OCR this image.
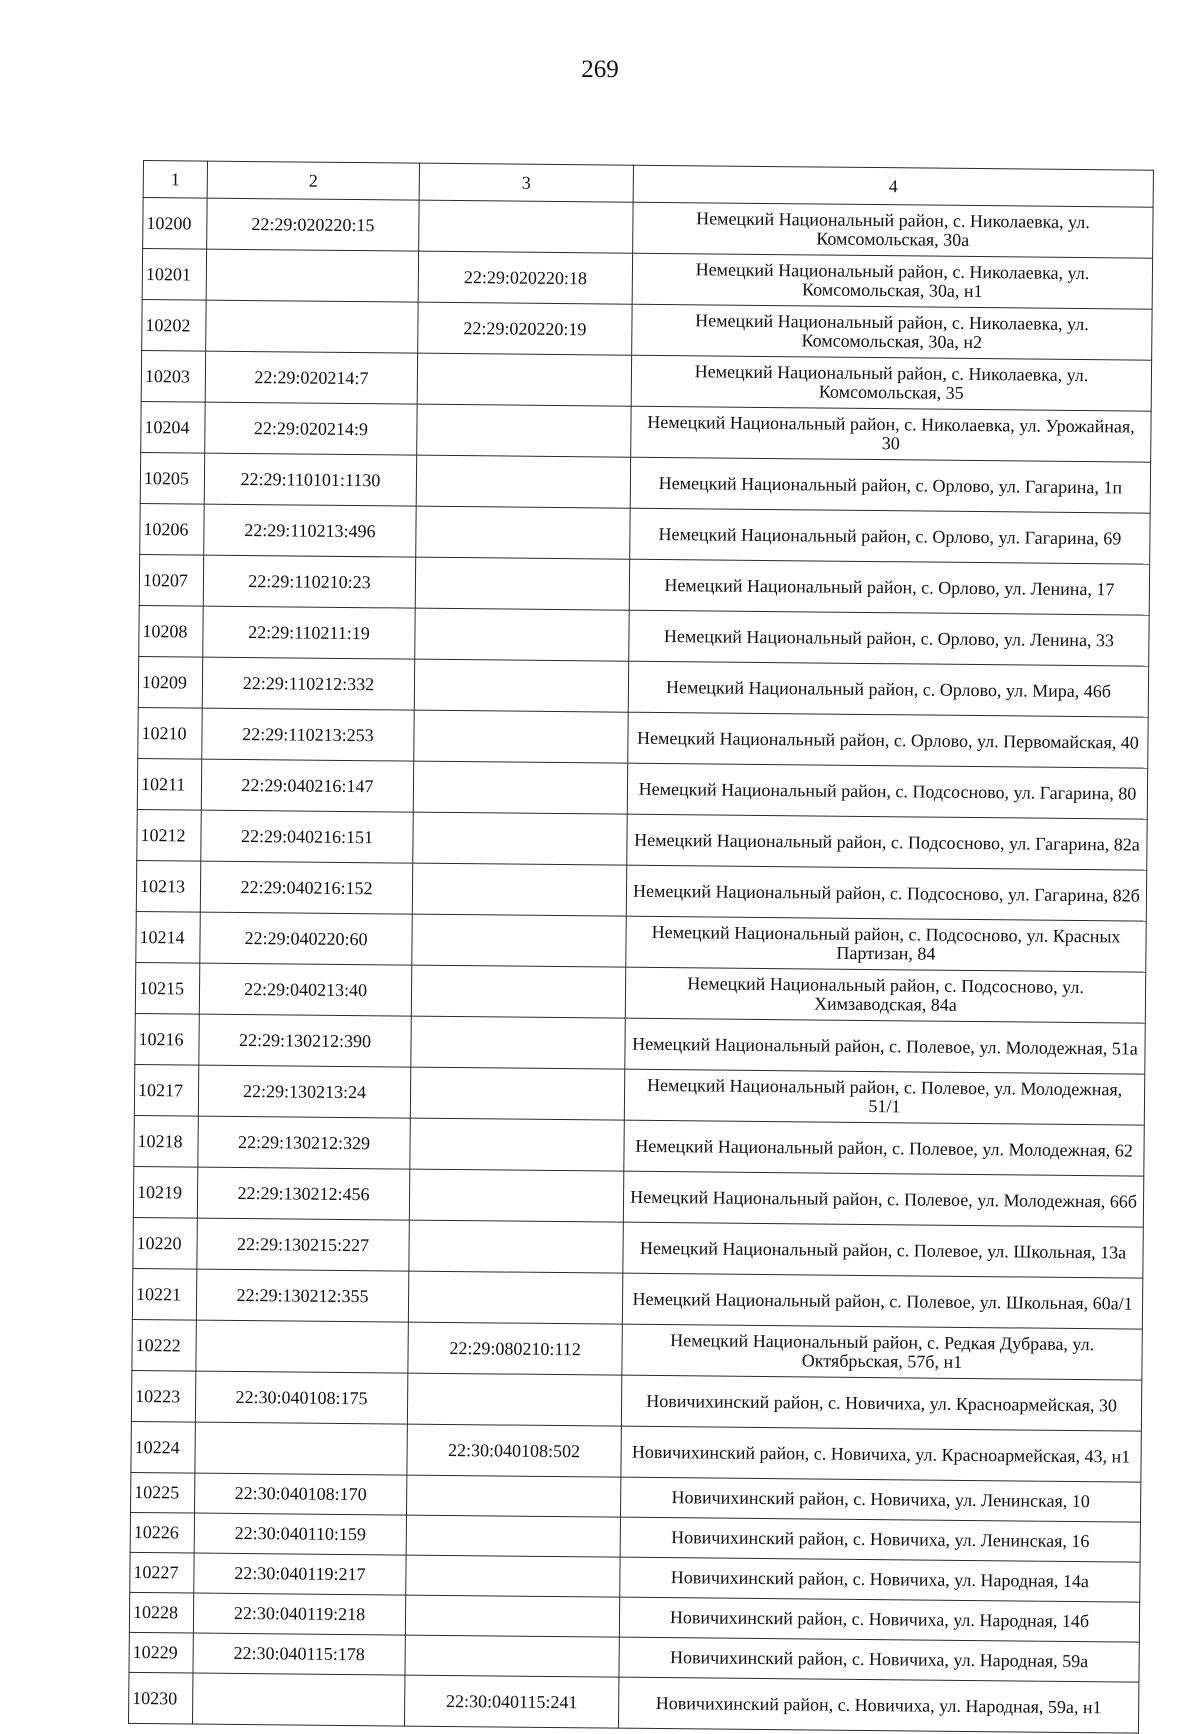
269
1	2	3	4
10200	22:29:020220:15		Немецкий Национальный район, с. Николаевка, ул. Комсомольская, 30а
10201		22:29:020220:18	Немецкий Национальный район, с. Николаевка, ул. Комсомольская, 30а, н1
10202		22:29:020220:19	Немецкий Национальный район, с. Николаевка, ул. Комсомольская, 30а, н2
10203	22:29:020214:7		Немецкий Национальный район, с. Николаевка, ул. Комсомольская, 35
10204	22:29:020214:9		Немецкий Национальный район, с. Николаевка, ул. Урожайная, 30
10205	22:29:110101:1130		Немецкий Национальный район, с. Орлово, ул. Гагарина, 1п
10206	22:29:110213:496		Немецкий Национальный район, с. Орлово, ул. Гагарина, 69
10207	22:29:110210:23		Немецкий Национальный район, с. Орлово, ул. Ленина, 17
10208	22:29:110211:19		Немецкий Национальный район, с. Орлово, ул. Ленина, 33
10209	22:29:110212:332		Немецкий Национальный район, с. Орлово, ул. Мира, 46б
10210	22:29:110213:253		Немецкий Национальный район, с. Орлово, ул. Первомайская, 40
10211	22:29:040216:147		Немецкий Национальный район, с. Подсосново, ул. Гагарина, 80
10212	22:29:040216:151		Немецкий Национальный район, с. Подсосново, ул. Гагарина, 82а
10213	22:29:040216:152		Немецкий Национальный район, с. Подсосново, ул. Гагарина, 82б
10214	22:29:040220:60		Немецкий Национальный район, с. Подсосново, ул. Красных Партизан, 84
10215	22:29:040213:40		Немецкий Национальный район, с. Подсосново, ул. Химзаводская, 84а
10216	22:29:130212:390		Немецкий Национальный район, с. Полевое, ул. Молодежная, 51а
10217	22:29:130213:24		Немецкий Национальный район, с. Полевое, ул. Молодежная, 51/1
10218	22:29:130212:329		Немецкий Национальный район, с. Полевое, ул. Молодежная, 62
10219	22:29:130212:456		Немецкий Национальный район, с. Полевое, ул. Молодежная, 66б
10220	22:29:130215:227		Немецкий Национальный район, с. Полевое, ул. Школьная, 13а
10221	22:29:130212:355		Немецкий Национальный район, с. Полевое, ул. Школьная, 60а/1
10222		22:29:080210:112	Немецкий Национальный район, с. Редкая Дубрава, ул. Октябрьская, 57б, н1
10223	22:30:040108:175		Новичихинский район, с. Новичиха, ул. Красноармейская, 30
10224		22:30:040108:502	Новичихинский район, с. Новичиха, ул. Красноармейская, 43, н1
10225	22:30:040108:170		Новичихинский район, с. Новичиха, ул. Ленинская, 10
10226	22:30:040110:159		Новичихинский район, с. Новичиха, ул. Ленинская, 16
10227	22:30:040119:217		Новичихинский район, с. Новичиха, ул. Народная, 14а
10228	22:30:040119:218		Новичихинский район, с. Новичиха, ул. Народная, 14б
10229	22:30:040115:178		Новичихинский район, с. Новичиха, ул. Народная, 59а
10230		22:30:040115:241	Новичихинский район, с. Новичиха, ул. Народная, 59а, н1
